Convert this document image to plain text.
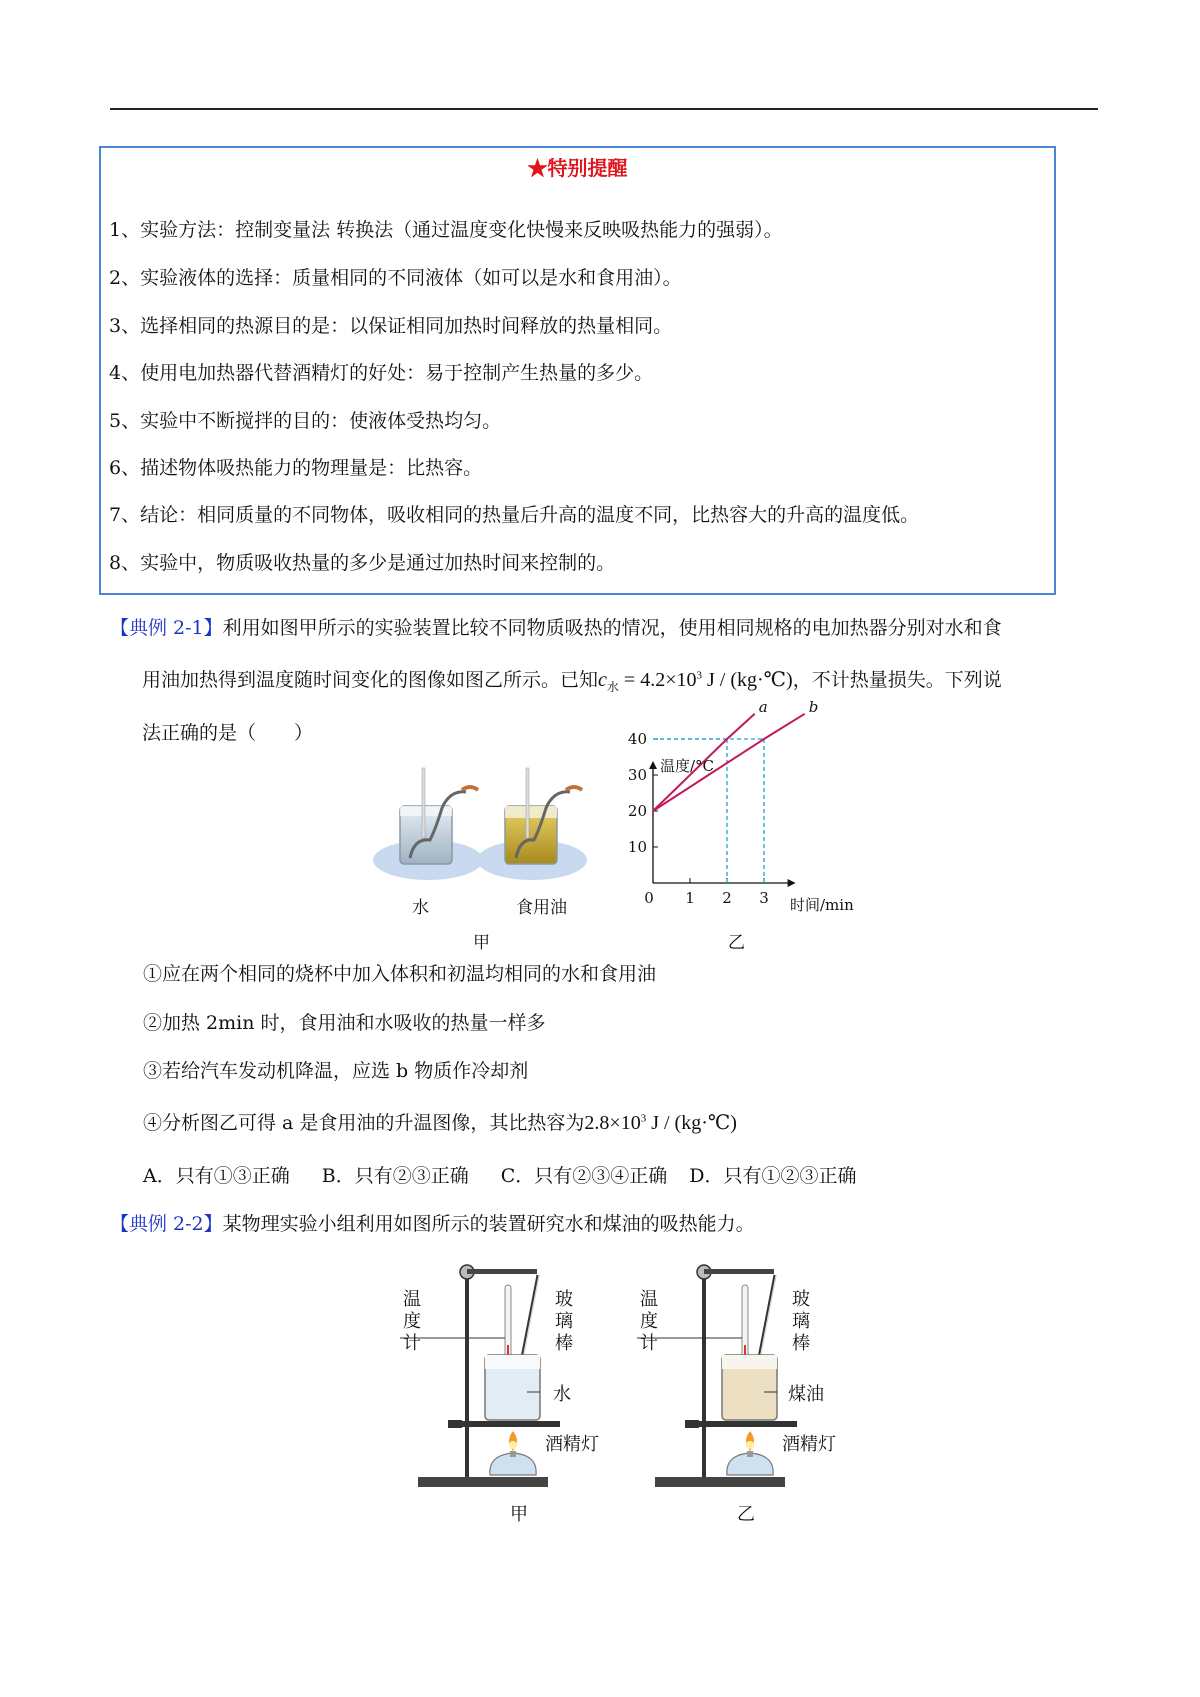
★特别提醒
1、实验方法：控制变量法 转换法（通过温度变化快慢来反映吸热能力的强弱）。
2、实验液体的选择：质量相同的不同液体（如可以是水和食用油）。
3、选择相同的热源目的是：以保证相同加热时间释放的热量相同。
4、使用电加热器代替酒精灯的好处：易于控制产生热量的多少。
5、实验中不断搅拌的目的：使液体受热均匀。
6、描述物体吸热能力的物理量是：比热容。
7、结论：相同质量的不同物体，吸收相同的热量后升高的温度不同，比热容大的升高的温度低。
8、实验中，物质吸收热量的多少是通过加热时间来控制的。
【典例 2-1】利用如图甲所示的实验装置比较不同物质吸热的情况，使用相同规格的电加热器分别对水和食
用油加热得到温度随时间变化的图像如图乙所示。已知$c_水 = 4.2\times 10^3$ J / (kg·℃)，不计热量损失。下列说
法正确的是（　　）
水	食用油
甲
10
20
30
40
0 1 2 3
a	b
温度/°C
时间/min
乙
①应在两个相同的烧杯中加入体积和初温均相同的水和食用油
②加热 2min 时，食用油和水吸收的热量一样多
③若给汽车发动机降温，应选 b 物质作冷却剂
④分析图乙可得 a 是食用油的升温图像，其比热容为$2.8\times 10^3$ J / (kg·℃)
A．只有①③正确 B．只有②③正确 C．只有②③④正确 D．只有①②③正确
【典例 2-2】某物理实验小组利用如图所示的装置研究水和煤油的吸热能力。
温
度
计
玻
璃
棒
水
酒精灯
甲
温
度
计
玻
璃
棒
煤油
酒精灯
乙
